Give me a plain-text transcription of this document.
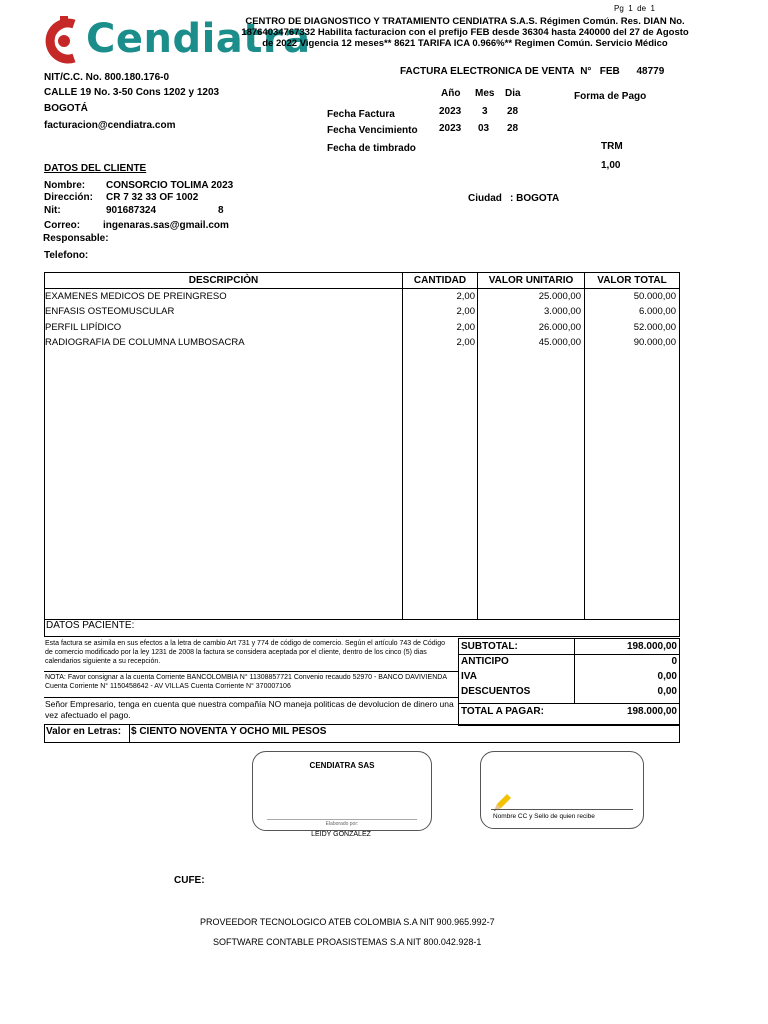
Pg 1 de 1
Cendiatra
CENTRO DE DIAGNOSTICO Y TRATAMIENTO CENDIATRA S.A.S. Régimen Común. Res. DIAN No.
18764034767332 Habilita facturacion con el prefijo FEB desde 36304 hasta 240000 del 27 de Agosto
de 2022 Vigencia 12 meses** 8621 TARIFA ICA 0.966%** Regimen Común. Servicio Médico
NIT/C.C. No. 800.180.176-0
CALLE 19 No. 3-50 Cons 1202 y 1203
BOGOTÁ
facturacion@cendiatra.com
FACTURA ELECTRONICA DE VENTA N° FEB 48779
Año Mes Dia	Forma de Pago
Fecha Factura	2023 3 28
Fecha Vencimiento 2023 03 28
Fecha de timbrado	TRM
1,00
DATOS DEL CLIENTE
Nombre: CONSORCIO TOLIMA 2023
Dirección: CR 7 32 33 OF 1002
Nit:	901687324	8
Ciudad : BOGOTA
Correo: ingenaras.sas@gmail.com
Responsable:
Telefono:
DESCRIPCIÒN	CANTIDAD	VALOR UNITARIO	VALOR TOTAL
EXAMENES MEDICOS DE PREINGRESO	2,00	25.000,00	50.000,00
ENFASIS OSTEOMUSCULAR	2,00	3.000,00	6.000,00
PERFIL LIPÍDICO	2,00	26.000,00	52.000,00
RADIOGRAFIA DE COLUMNA LUMBOSACRA	2,00	45.000,00	90.000,00
DATOS PACIENTE:
Esta factura se asimila en sus efectos a la letra de cambio Art 731 y 774 de código de comercio. Según el artículo 743 de Código de comercio modificado por la ley 1231 de 2008 la factura se considera aceptada por el cliente, dentro de los cinco (5) dias calendarios siguiente a su recepción.
NOTA: Favor consignar a la cuenta Corriente BANCOLOMBIA N° 11308857721 Convenio recaudo 52970 - BANCO DAVIVIENDA Cuenta Corriente N° 1150458642 - AV VILLAS Cuenta Corriente N° 370007106
Señor Empresario, tenga en cuenta que nuestra compañía NO maneja politicas de devolucion de dinero una vez afectuado el pago.
SUBTOTAL:	198.000,00
ANTICIPO	0
IVA	0,00
DESCUENTOS	0,00
TOTAL A PAGAR:	198.000,00
Valor en Letras: $ CIENTO NOVENTA Y OCHO MIL PESOS
CENDIATRA SAS
Elaborado por:
LEIDY GONZALEZ
Nombre CC y Sello de quien recibe
CUFE:
PROVEEDOR TECNOLOGICO ATEB COLOMBIA S.A NIT 900.965.992-7
SOFTWARE CONTABLE PROASISTEMAS S.A NIT 800.042.928-1
